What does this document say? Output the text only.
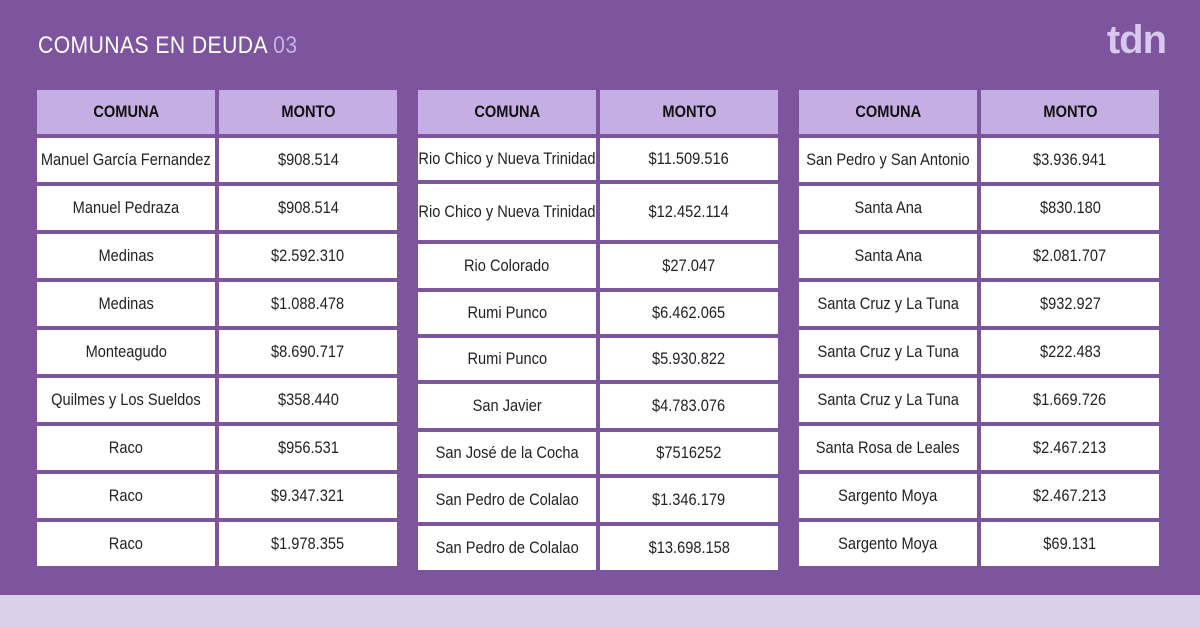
COMUNAS EN DEUDA 03	tdn
COMUNA	MONTO
Manuel García Fernandez	$908.514
Manuel Pedraza	$908.514
Medinas	$2.592.310
Medinas	$1.088.478
Monteagudo	$8.690.717
Quilmes y Los Sueldos	$358.440
Raco	$956.531
Raco	$9.347.321
Raco	$1.978.355
COMUNA	MONTO
Rio Chico y Nueva Trinidad	$11.509.516
Rio Chico y Nueva Trinidad	$12.452.114
Rio Colorado	$27.047
Rumi Punco	$6.462.065
Rumi Punco	$5.930.822
San Javier	$4.783.076
San José de la Cocha	$7516252
San Pedro de Colalao	$1.346.179
San Pedro de Colalao	$13.698.158
COMUNA	MONTO
San Pedro y San Antonio	$3.936.941
Santa Ana	$830.180
Santa Ana	$2.081.707
Santa Cruz y La Tuna	$932.927
Santa Cruz y La Tuna	$222.483
Santa Cruz y La Tuna	$1.669.726
Santa Rosa de Leales	$2.467.213
Sargento Moya	$2.467.213
Sargento Moya	$69.131
